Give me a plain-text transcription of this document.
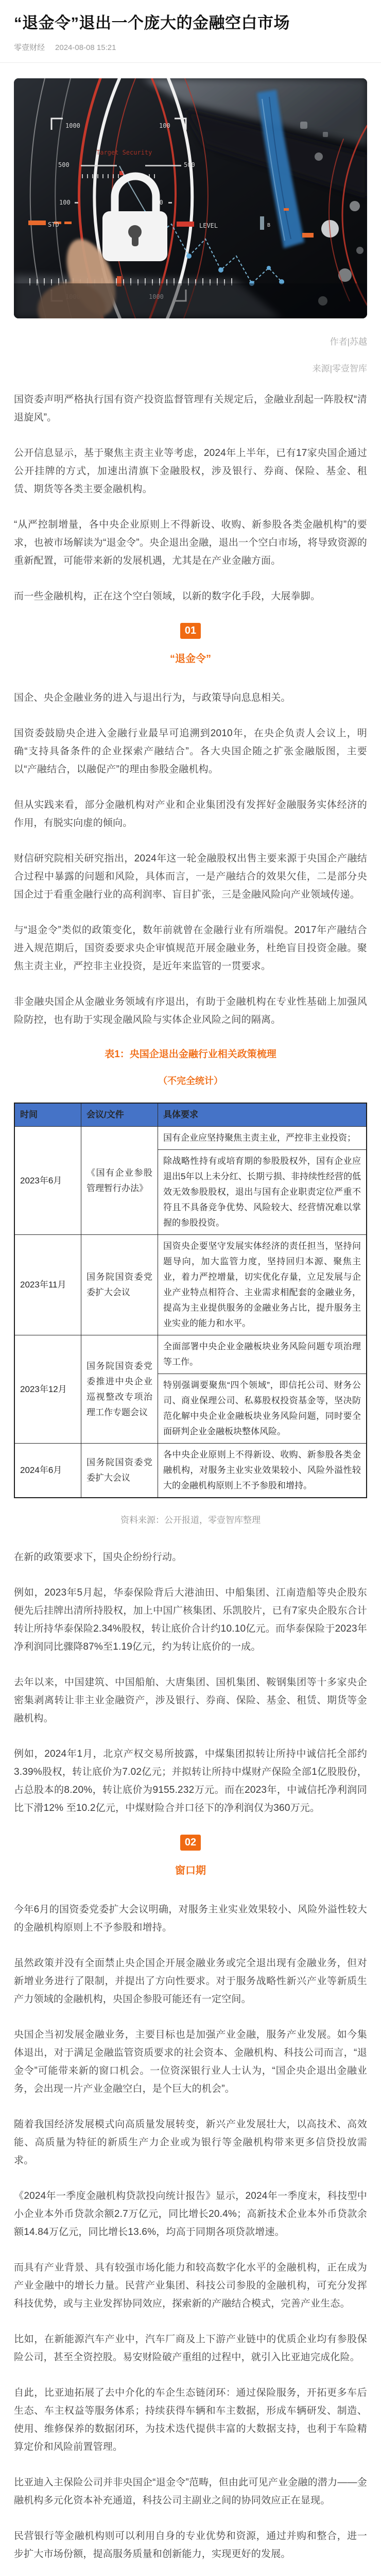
“退金令”退出一个庞大的金融空白市场
零壹财经 2024-08-08 15:21
1000	100
500	500
Target Security
100	100
STD	LEVEL	B
1000
作者|苏越
来源|零壹智库

国资委声明严格执行国有资产投资监督管理有关规定后，金融业刮起一阵股权“清退旋风”。

公开信息显示，基于聚焦主责主业等考虑，2024年上半年，已有17家央国企通过公开挂牌的方式，加速出清旗下金融股权，涉及银行、券商、保险、基金、租赁、期货等各类主要金融机构。

“从严控制增量，各中央企业原则上不得新设、收购、新参股各类金融机构”的要求，也被市场解读为“退金令”。央企退出金融，退出一个空白市场，将导致资源的重新配置，可能带来新的发展机遇，尤其是在产业金融方面。

而一些金融机构，正在这个空白领域，以新的数字化手段，大展拳脚。

01
“退金令”

国企、央企金融业务的进入与退出行为，与政策导向息息相关。

国资委鼓励央企进入金融行业最早可追溯到2010年，在央企负责人会议上，明确“支持具备条件的企业探索产融结合”。各大央国企随之扩张金融版图，主要以“产融结合，以融促产”的理由参股金融机构。

但从实践来看，部分金融机构对产业和企业集团没有发挥好金融服务实体经济的作用，有脱实向虚的倾向。

财信研究院相关研究指出，2024年这一轮金融股权出售主要来源于央国企产融结合过程中暴露的问题和风险，具体而言，一是产融结合的效果欠佳，二是部分央国企过于看重金融行业的高利润率、盲目扩张，三是金融风险向产业领域传递。

与“退金令”类似的政策变化，数年前就曾在金融行业有所端倪。2017年产融结合进入规范期后，国资委要求央企审慎规范开展金融业务，杜绝盲目投资金融。聚焦主责主业，严控非主业投资，是近年来监管的一贯要求。

非金融央国企从金融业务领域有序退出，有助于金融机构在专业性基础上加强风险防控，也有助于实现金融风险与实体企业风险之间的隔离。

表1：央国企退出金融行业相关政策梳理
（不完全统计）
时间	会议/文件	具体要求
2023年6月	《国有企业参股管理暂行办法》	国有企业应坚持聚焦主责主业，严控非主业投资；
		除战略性持有或培育期的参股股权外，国有企业应退出5年以上未分红、长期亏损、非持续性经营的低效无效参股股权，退出与国有企业职责定位严重不符且不具备竞争优势、风险较大、经营情况难以掌握的参股投资。
2023年11月	国务院国资委党委扩大会议	国资央企要坚守发展实体经济的责任担当，坚持问题导向，加大监管力度，坚持回归本源、聚焦主业，着力严控增量，切实优化存量，立足发展与企业产业特点相符合、主业需求相配套的金融业务，提高为主业提供服务的金融业务占比，提升服务主业实业的能力和水平。
2023年12月	国务院国资委党委推进中央企业巡视整改专项治理工作专题会议	全面部署中央企业金融板块业务风险问题专项治理等工作。
		特别强调要聚焦“四个领域”，即信托公司、财务公司、商业保理公司、私募股权投资基金等，坚决防范化解中央企业金融板块业务风险问题，同时要全面研判企业金融板块整体风险。
2024年6月	国务院国资委党委扩大会议	各中央企业原则上不得新设、收购、新参股各类金融机构，对服务主业实业效果较小、风险外溢性较大的金融机构原则上不予参股和增持。
资料来源：公开报道，零壹智库整理

在新的政策要求下，国央企纷纷行动。

例如，2023年5月起，华泰保险背后大港油田、中船集团、江南造船等央企股东便先后挂牌出清所持股权，加上中国广核集团、乐凯胶片，已有7家央企股东合计转让所持华泰保险2.34%股权，转让底价合计约10.10亿元。而华泰保险于2023年净利润同比骤降87%至1.19亿元，约为转让底价的一成。

去年以来，中国建筑、中国船舶、大唐集团、国机集团、鞍钢集团等十多家央企密集剥离转让非主业金融资产，涉及银行、券商、保险、基金、租赁、期货等金融机构。

例如，2024年1月，北京产权交易所披露，中煤集团拟转让所持中诚信托全部约3.39%股权，转让底价为7.02亿元；并拟转让所持中煤财产保险全部1亿股股份，占总股本的8.20%，转让底价为9155.232万元。而在2023年，中诚信托净利润同比下滑12% 至10.2亿元，中煤财险合并口径下的净利润仅为360万元。

02
窗口期

今年6月的国资委党委扩大会议明确，对服务主业实业效果较小、风险外溢性较大的金融机构原则上不予参股和增持。

虽然政策并没有全面禁止央企国企开展金融业务或完全退出现有金融业务，但对新增业务进行了限制，并提出了方向性要求。对于服务战略性新兴产业等新质生产力领域的金融机构，央国企参股可能还有一定空间。

央国企当初发展金融业务，主要目标也是加强产业金融，服务产业发展。如今集体退出，对于满足金融监管资质要求的社会资本、金融机构、科技公司而言，“退金令”可能带来新的窗口机会。一位资深银行业人士认为，“国企央企退出金融业务，会出现一片产业金融空白，是个巨大的机会”。

随着我国经济发展模式向高质量发展转变，新兴产业发展壮大，以高技术、高效能、高质量为特征的新质生产力企业或为银行等金融机构带来更多信贷投放需求。

《2024年一季度金融机构贷款投向统计报告》显示，2024年一季度末，科技型中小企业本外币贷款余额2.7万亿元，同比增长20.4%；高新技术企业本外币贷款余额14.84万亿元，同比增长13.6%，均高于同期各项贷款增速。

而具有产业背景、具有较强市场化能力和较高数字化水平的金融机构，正在成为产业金融中的增长力量。民营产业集团、科技公司参股的金融机构，可充分发挥科技优势，或与主业发挥协同效应，探索新的产融结合模式，完善产业生态。

比如，在新能源汽车产业中，汽车厂商及上下游产业链中的优质企业均有参股保险公司，甚至全资控股。易安财险破产重组的过程中，就引入比亚迪完成化险。

自此，比亚迪拓展了去中介化的车企生态链闭环：通过保险服务，开拓更多车后生态、车主权益等服务体系；持续获得车辆和车主数据，形成车辆研发、制造、使用、维修保养的数据闭环，为技术迭代提供丰富的大数据支持，也利于车险精算定价和风险前置管理。

比亚迪入主保险公司并非央国企“退金令”范畴，但由此可见产业金融的潜力——金融机构多元化资本补充通道，科技公司主副业之间的协同效应正在显现。

民营银行等金融机构则可以利用自身的专业优势和资源，通过并购和整合，进一步扩大市场份额，提高服务质量和创新能力，实现更好的发展。
